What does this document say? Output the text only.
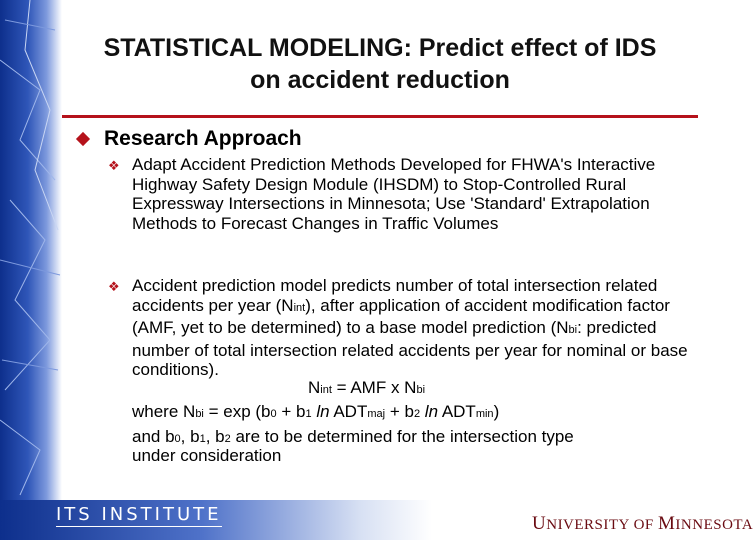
STATISTICAL MODELING: Predict effect of IDS
on accident reduction
Research Approach
❖ Adapt Accident Prediction Methods Developed for FHWA's Interactive Highway Safety Design Module (IHSDM) to Stop-Controlled Rural Expressway Intersections in Minnesota; Use 'Standard' Extrapolation Methods to Forecast Changes in Traffic Volumes
❖ Accident prediction model predicts number of total intersection related accidents per year (Nint), after application of accident modification factor (AMF, yet to be determined) to a base model prediction (Nbi: predicted number of total intersection related accidents per year for nominal or base conditions).
Nint = AMF x Nbi
where Nbi = exp (b0 + b1 ln ADTmaj + b2 ln ADTmin)
and b0, b1, b2 are to be determined for the intersection type
under consideration
ITS INSTITUTE	UNIVERSITY OF MINNESOTA
